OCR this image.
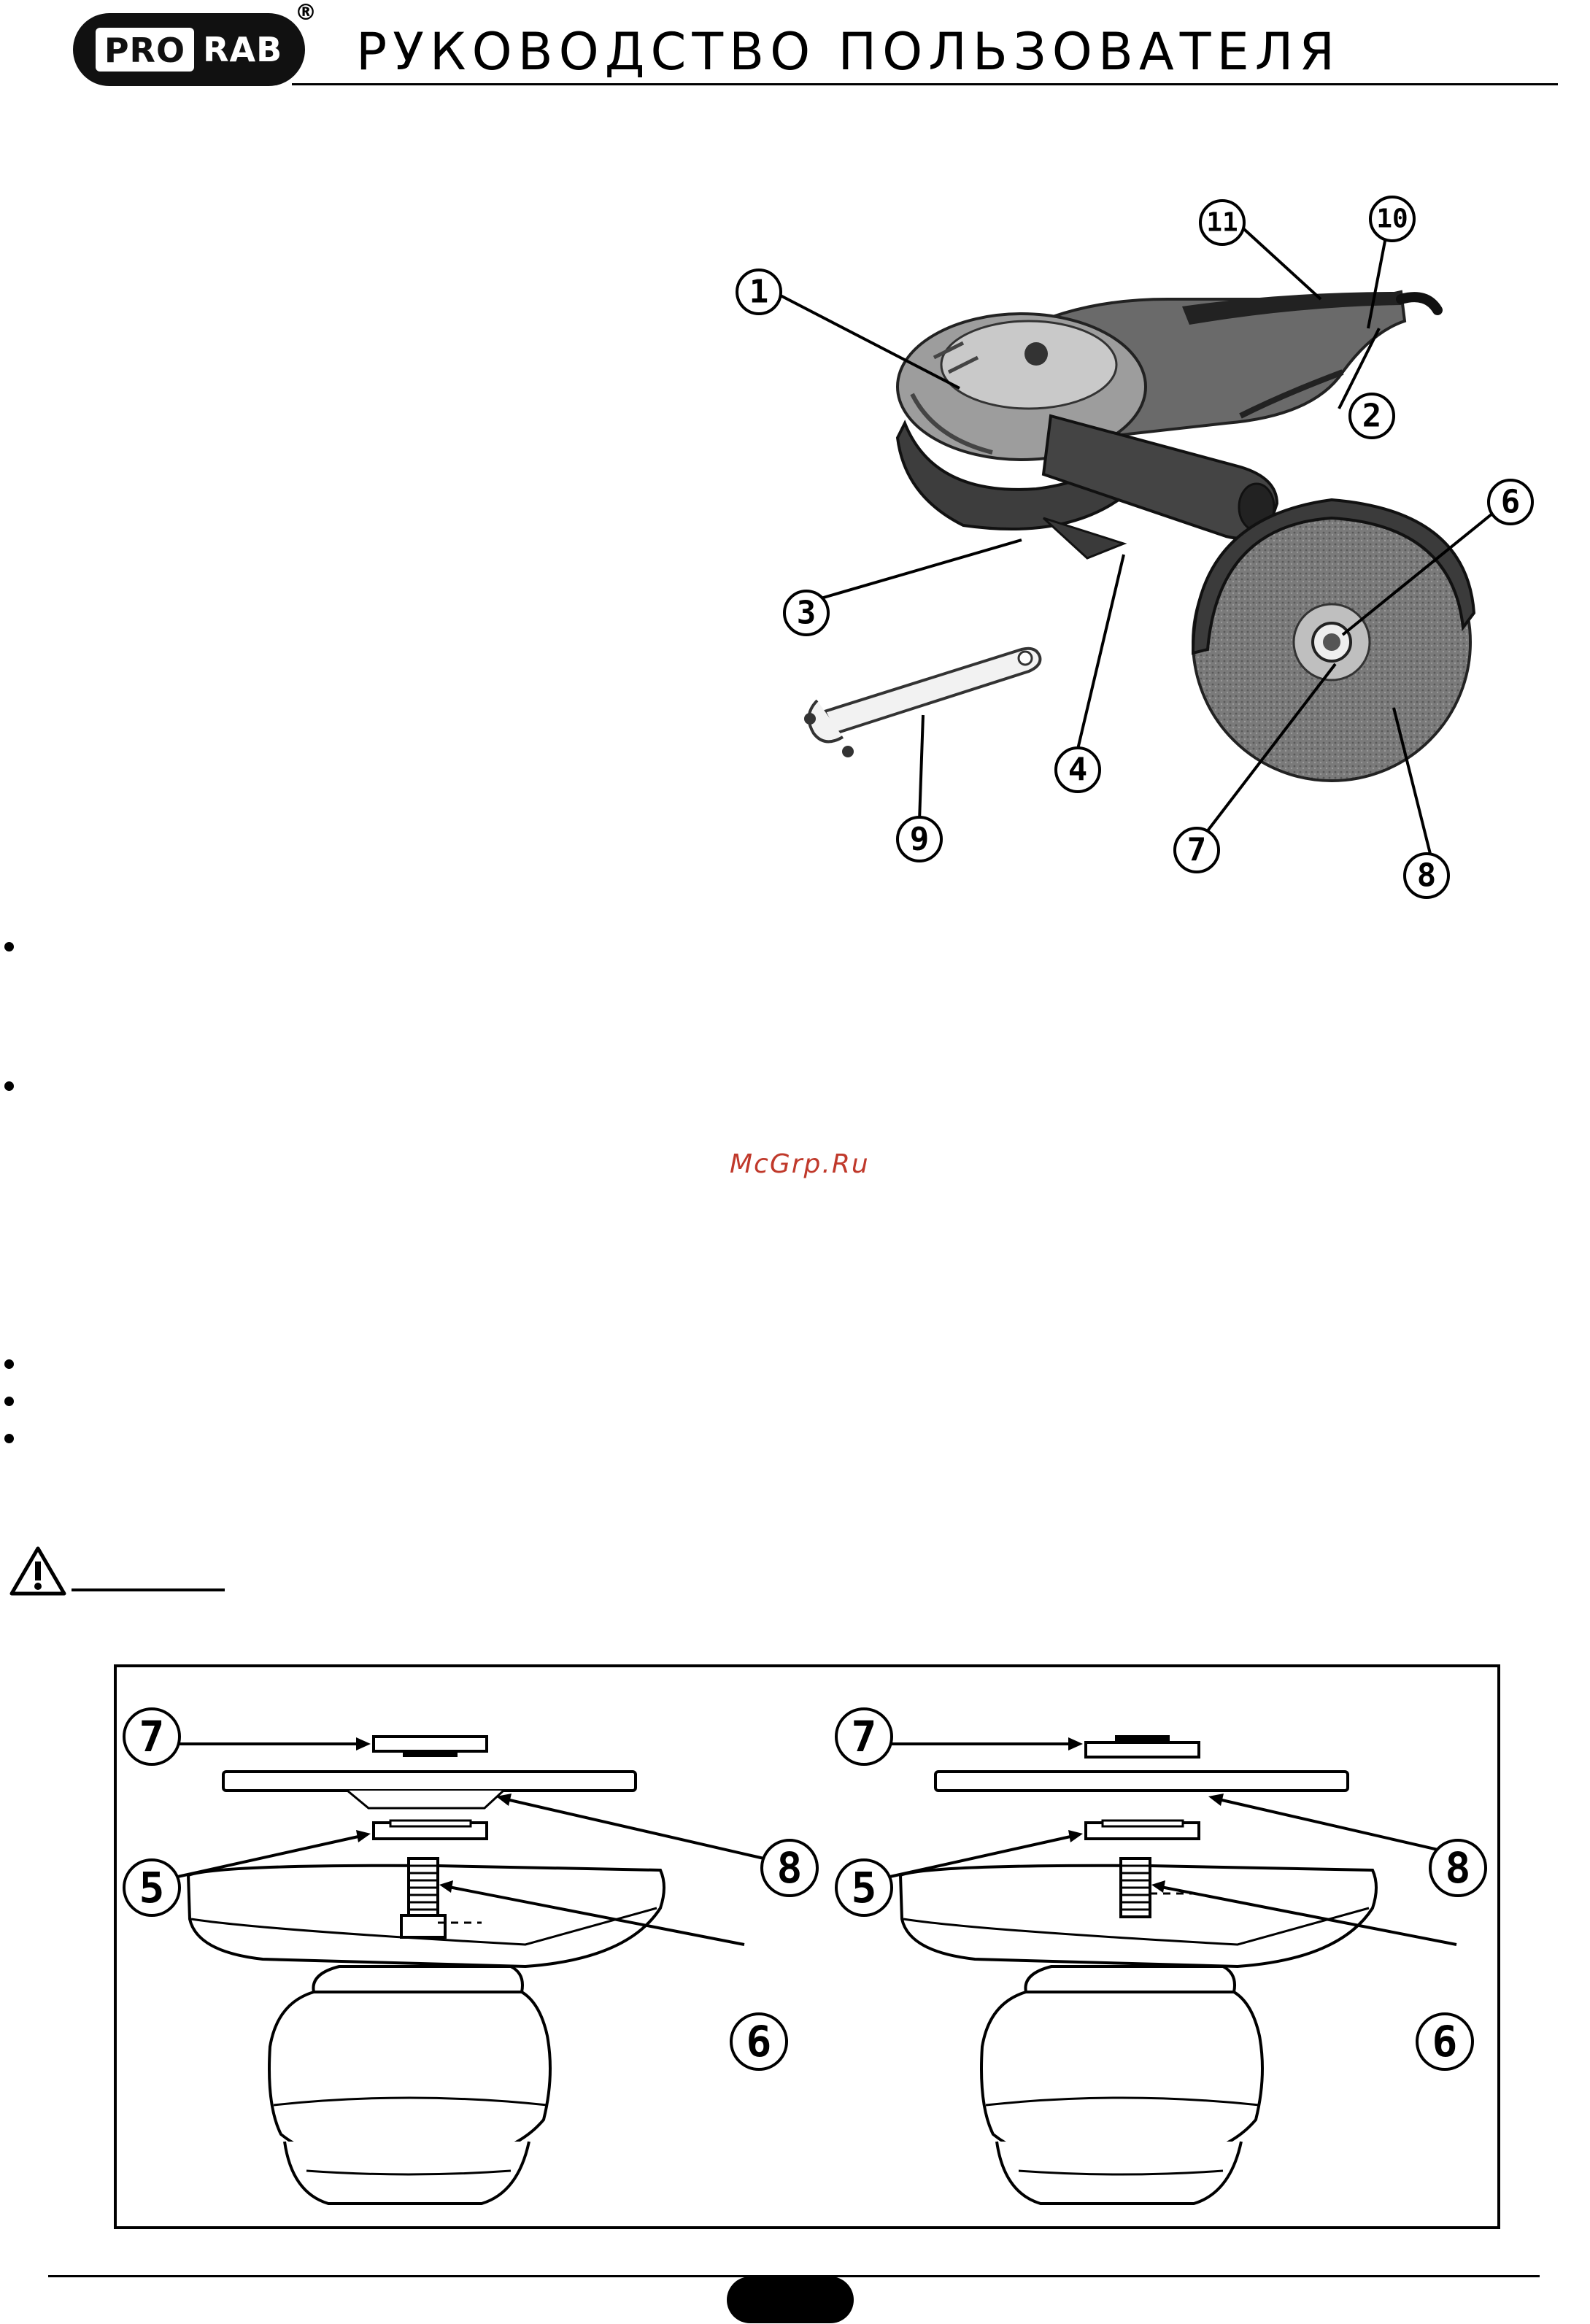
PRO RAB
®
РУКОВОДСТВО ПОЛЬЗОВАТЕЛЯ
1
2
3
4
6
7
8
9
10
11
McGrp.Ru
7
8
5
6
7
8
5
6
